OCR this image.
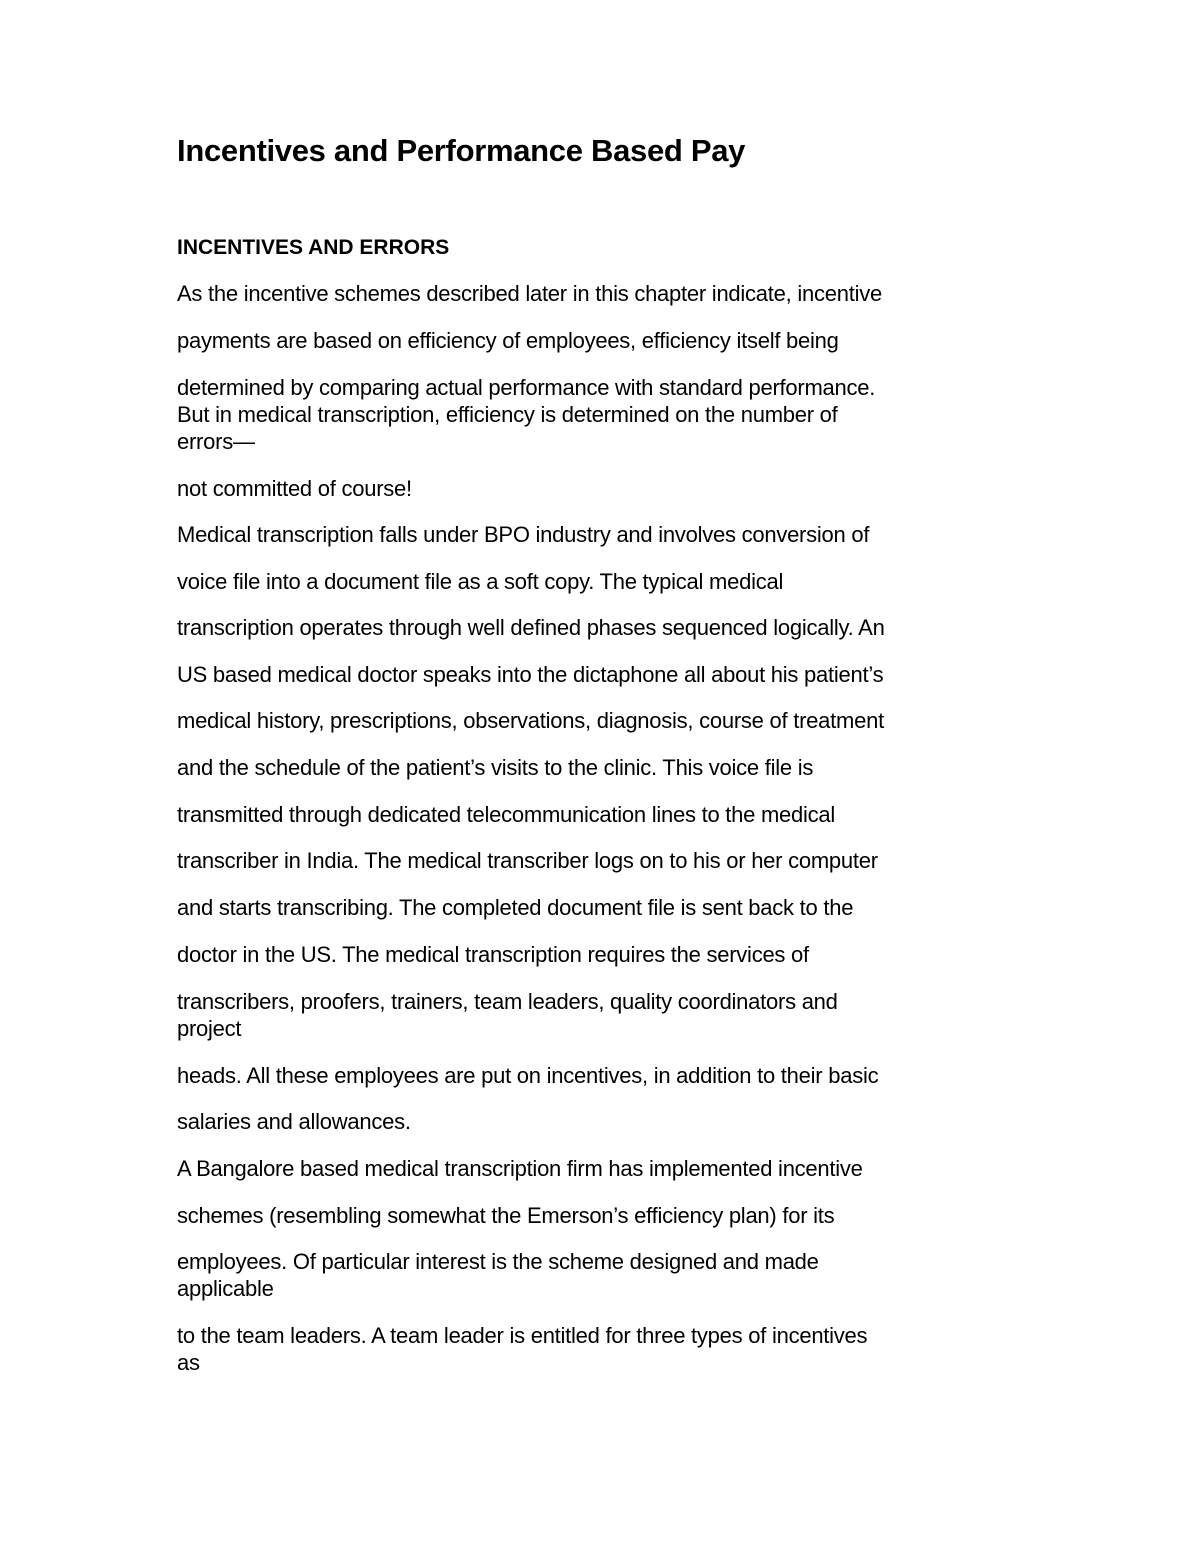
Incentives and Performance Based Pay
INCENTIVES AND ERRORS

As the incentive schemes described later in this chapter indicate, incentive

payments are based on efficiency of employees, efficiency itself being

determined by comparing actual performance with standard performance.

But in medical transcription, efficiency is determined on the number of

errors—

not committed of course!

Medical transcription falls under BPO industry and involves conversion of

voice file into a document file as a soft copy. The typical medical

transcription operates through well defined phases sequenced logically. An

US based medical doctor speaks into the dictaphone all about his patient’s

medical history, prescriptions, observations, diagnosis, course of treatment

and the schedule of the patient’s visits to the clinic. This voice file is

transmitted through dedicated telecommunication lines to the medical

transcriber in India. The medical transcriber logs on to his or her computer

and starts transcribing. The completed document file is sent back to the

doctor in the US. The medical transcription requires the services of

transcribers, proofers, trainers, team leaders, quality coordinators and

project

heads. All these employees are put on incentives, in addition to their basic

salaries and allowances.

A Bangalore based medical transcription firm has implemented incentive

schemes (resembling somewhat the Emerson’s efficiency plan) for its

employees. Of particular interest is the scheme designed and made

applicable

to the team leaders. A team leader is entitled for three types of incentives

as
